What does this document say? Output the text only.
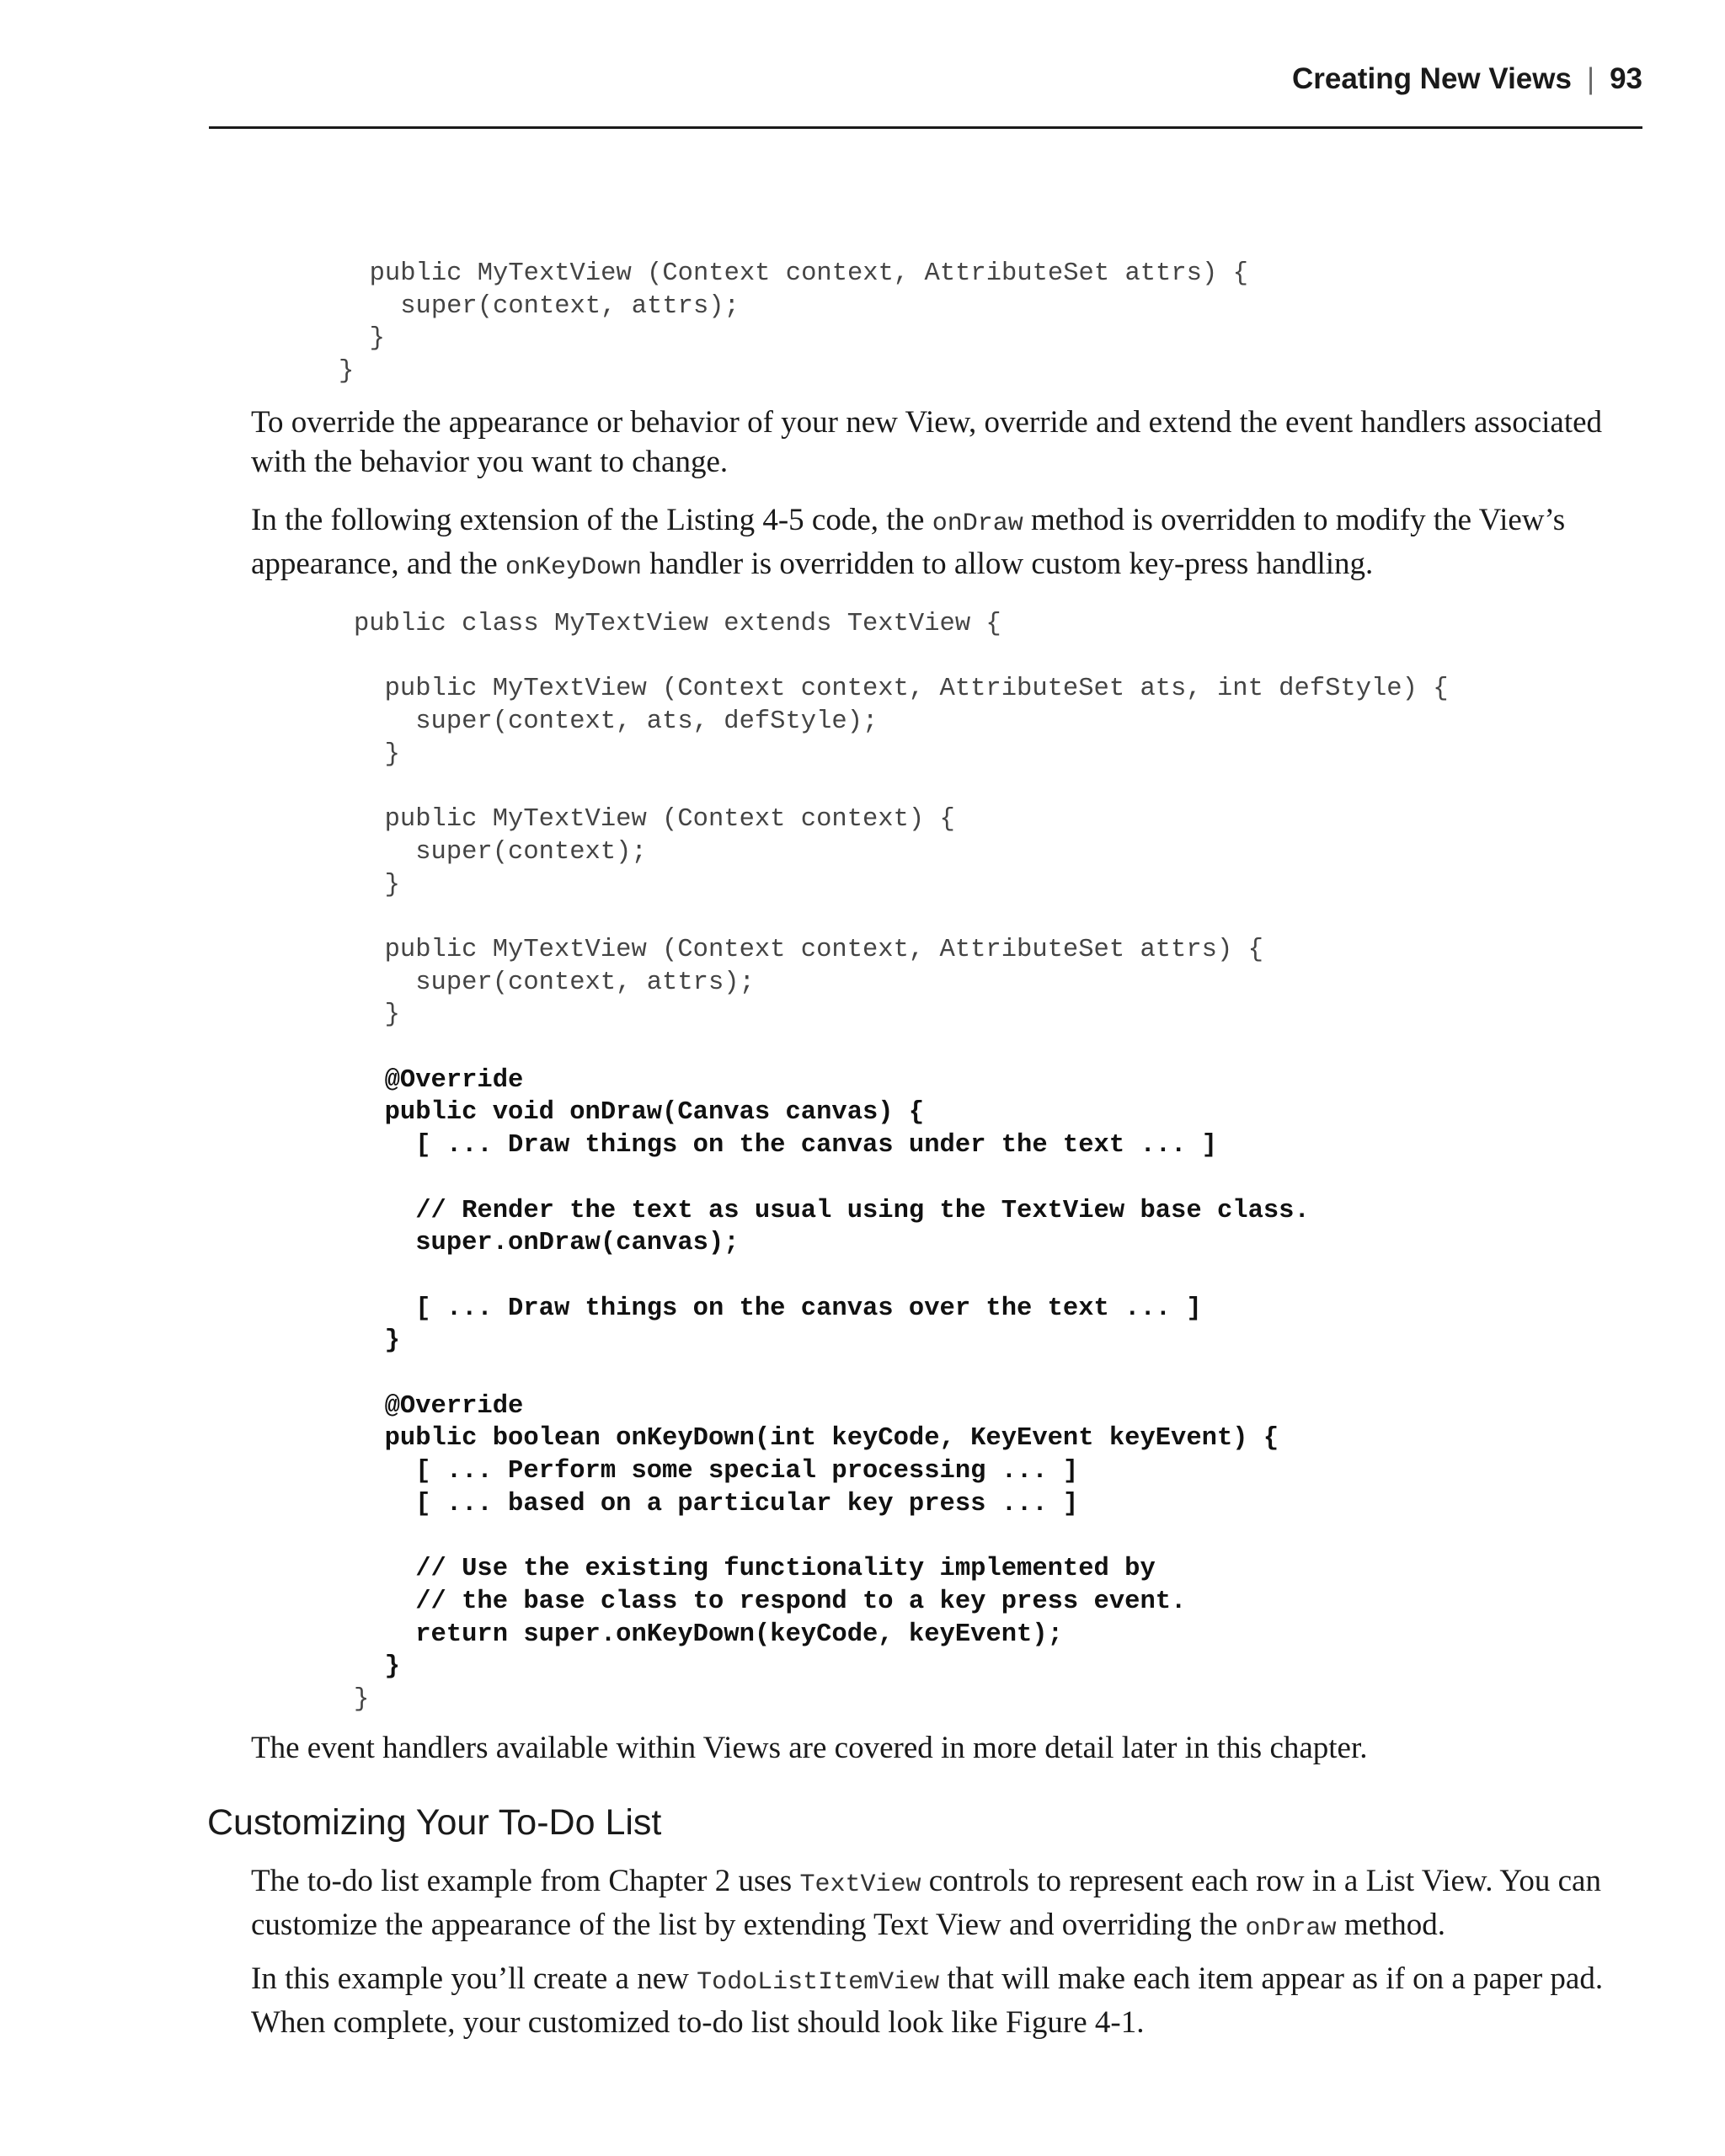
Creating New Views | 93
public MyTextView (Context context, AttributeSet attrs) {
super(context, attrs);
}
}

To override the appearance or behavior of your new View, override and extend the event handlers associated with the behavior you want to change.

In the following extension of the Listing 4-5 code, the onDraw method is overridden to modify the View’s appearance, and the onKeyDown handler is overridden to allow custom key-press handling.

public class MyTextView extends TextView {
public MyTextView (Context context, AttributeSet ats, int defStyle) {
super(context, ats, defStyle);
}
public MyTextView (Context context) {
super(context);
}
public MyTextView (Context context, AttributeSet attrs) {
super(context, attrs);
}
@Override
public void onDraw(Canvas canvas) {
[ ... Draw things on the canvas under the text ... ]
// Render the text as usual using the TextView base class.
super.onDraw(canvas);
[ ... Draw things on the canvas over the text ... ]
}
@Override
public boolean onKeyDown(int keyCode, KeyEvent keyEvent) {
[ ... Perform some special processing ... ]
[ ... based on a particular key press ... ]
// Use the existing functionality implemented by
// the base class to respond to a key press event.
return super.onKeyDown(keyCode, keyEvent);
}
}

The event handlers available within Views are covered in more detail later in this chapter.

Customizing Your To-Do List

The to-do list example from Chapter 2 uses TextView controls to represent each row in a List View. You can customize the appearance of the list by extending Text View and overriding the onDraw method.

In this example you’ll create a new TodoListItemView that will make each item appear as if on a paper pad. When complete, your customized to-do list should look like Figure 4-1.
